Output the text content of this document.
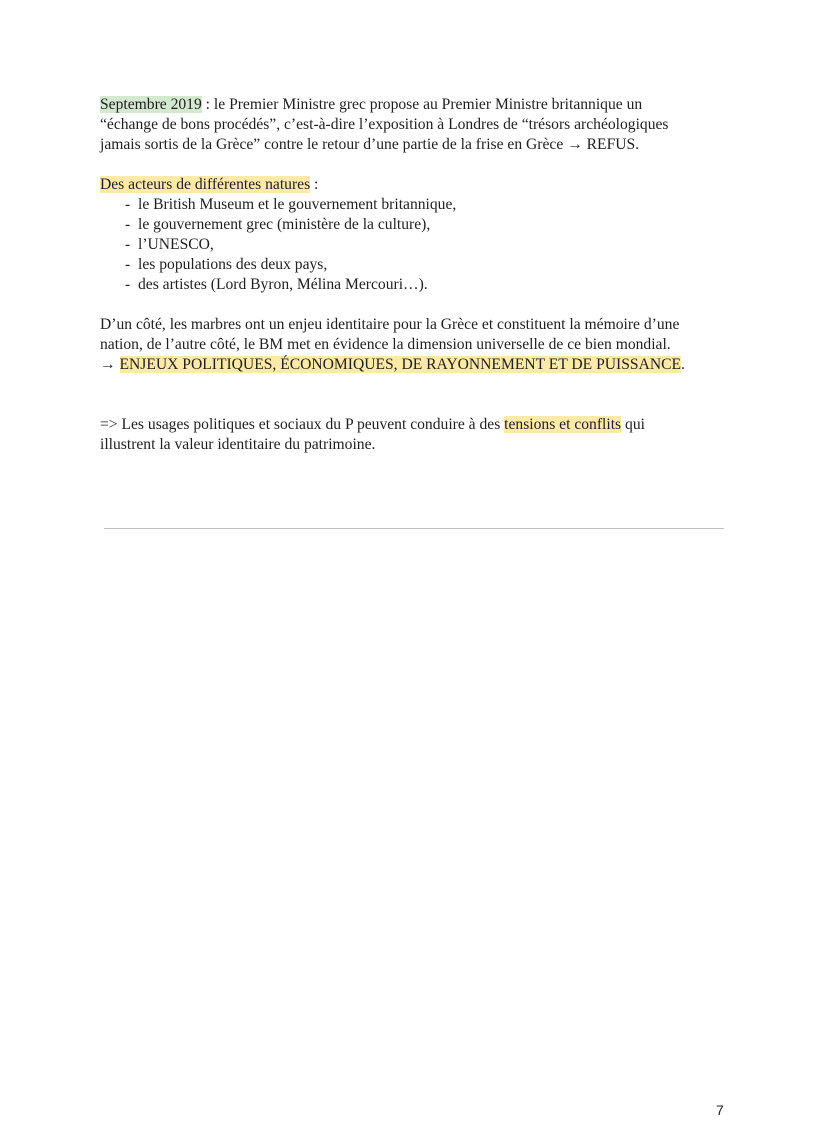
Septembre 2019 : le Premier Ministre grec propose au Premier Ministre britannique un
“échange de bons procédés”, c’est-à-dire l’exposition à Londres de “trésors archéologiques
jamais sortis de la Grèce” contre le retour d’une partie de la frise en Grèce → REFUS.

Des acteurs de différentes natures :

- le British Museum et le gouvernement britannique,
- le gouvernement grec (ministère de la culture),
- l’UNESCO,
- les populations des deux pays,
- des artistes (Lord Byron, Mélina Mercouri…).

D’un côté, les marbres ont un enjeu identitaire pour la Grèce et constituent la mémoire d’une
nation, de l’autre côté, le BM met en évidence la dimension universelle de ce bien mondial.
→ ENJEUX POLITIQUES, ÉCONOMIQUES, DE RAYONNEMENT ET DE PUISSANCE.

=> Les usages politiques et sociaux du P peuvent conduire à des tensions et conflits qui
illustrent la valeur identitaire du patrimoine.

7
